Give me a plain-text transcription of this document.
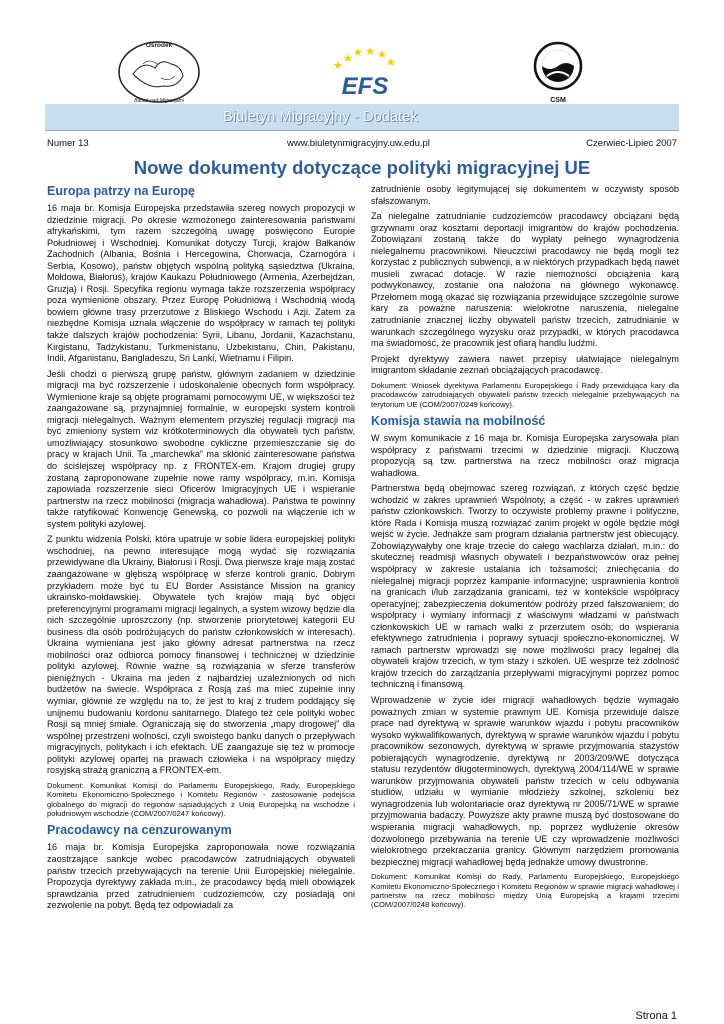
Ośrodek
Badań nad Migracjami
EFS
CSM
Biuletyn Migracyjny - Dodatek
Numer 13	www.biuletynmigracyjny.uw.edu.pl	Czerwiec-Lipiec 2007
Nowe dokumenty dotyczące polityki migracyjnej UE
Europa patrzy na Europę

16 maja br. Komisja Europejska przedstawiła szereg nowych propozycji w dziedzinie migracji. Po okresie wzmożonego zainteresowania państwami afrykańskimi, tym razem szczególną uwagę poświęcono Europie Południowej i Wschodniej. Komunikat dotyczy Turcji, krajów Bałkanów Zachodnich (Albania, Bośnia i Hercegowina, Chorwacja, Czarnogóra i Serbia, Kosowo), państw objętych wspólną polityką sąsiedztwa (Ukraina, Mołdowa, Białoruś), krajów Kaukazu Południowego (Armenia, Azerbejdżan, Gruzja) i Rosji. Specyfika regionu wymaga także rozszerzenia współpracy poza wymienione obszary. Przez Europę Południową i Wschodnią wiodą bowiem główne trasy przerzutowe z Bliskiego Wschodu i Azji. Zatem za niezbędne Komisja uznała włączenie do współpracy w ramach tej polityki także dalszych krajów pochodzenia: Syrii, Libanu, Jordanii, Kazachstanu, Kirgistanu, Tadżykistanu, Turkmenistanu, Uzbekistanu, Chin, Pakistanu, Indii, Afganistanu, Bangladeszu, Sri Lanki, Wietnamu i Filipin.

Jeśli chodzi o pierwszą grupę państw, głównym zadaniem w dziedzinie migracji ma być rozszerzenie i udoskonalenie obecnych form współpracy. Wymienione kraje są objęte programami pomocowymi UE, w większości też zaangażowane są, przynajmniej formalnie, w europejski system kontroli migracji nielegalnych. Ważnym elementem przyszłej regulacji migracji ma być zmieniony system wiz krótkoterminowych dla obywateli tych państw, umożliwiający stosunkowo swobodne cykliczne przemieszczanie się do pracy w krajach Unii. Ta „marchewka” ma skłonić zainteresowane państwa do ściślejszej współpracy np. z FRONTEX-em. Krajom drugiej grupy zostaną zaproponowane zupełnie nowe ramy współpracy, m.in. Komisja zapowiada rozszerzenie sieci Oficerów Imigracyjnych UE i wspieranie partnerstw na rzecz mobilności (migracja wahadłowa). Państwa te powinny także ratyfikować Konwencję Genewską, co pozwoli na włączenie ich w system polityki azylowej.

Z punktu widzenia Polski, która upatruje w sobie lidera europejskiej polityki wschodniej, na pewno interesujące mogą wydać się rozwiązania przewidywane dla Ukrainy, Białorusi i Rosji. Dwa pierwsze kraje mają zostać zaangażowane w głębszą współpracę w sferze kontroli granic. Dobrym przykładem może być tu EU Border Assistance Mission na granicy ukraińsko-mołdawskiej. Obywatele tych krajów mają być objęci preferencyjnymi programami migracji legalnych, a system wizowy będzie dla nich szczególnie uproszczony (np. stworzenie priorytetowej kategorii EU business dla osób podróżujących do państw członkowskich w interesach). Ukraina wymieniana jest jako główny adresat partnerstwa na rzecz mobilności oraz odbiorca pomocy finansowej i technicznej w dziedzinie polityki azylowej. Równie ważne są rozwiązania w sferze transferów pieniężnych - Ukraina ma jeden z najbardziej uzależnionych od nich budżetów na świecie. Współpraca z Rosją zaś ma mieć zupełnie inny wymiar, głównie ze względu na to, że jest to kraj z trudem poddający się unijnemu budowaniu kordonu sanitarnego. Dlatego też cele polityki wobec Rosji są mniej śmiałe. Ograniczają się do stworzenia „mapy drogowej” dla wspólnej przestrzeni wolności, czyli swoistego banku danych o przepływach migracyjnych, politykach i ich efektach. UE zaangażuje się też w promocje polityki azylowej opartej na prawach człowieka i na współpracy między rosyjską strażą graniczną a FRONTEX-em.

Dokument: Komunikat Komisji do Parlamentu Europejskiego, Rady, Europejskiego Komitetu Ekonomiczno-Społecznego i Komitetu Regionów - zastosowanie podejścia globalnego do migracji do regionów sąsiadujących z Unią Europejską na wschodzie i południowym wschodzie (COM/2007/0247 końcowy).

Pracodawcy na cenzurowanym

16 maja br. Komisja Europejska zaproponowała nowe rozwiązania zaostrzające sankcje wobec pracodawców zatrudniających obywateli państw trzecich przebywających na terenie Unii Europejskiej nielegalnie. Propozycja dyrektywy zakłada m.in., że pracodawcy będą mieli obowiązek sprawdzania przed zatrudnieniem cudzoziemców, czy posiadają oni zezwolenie na pobyt. Będą też odpowiadali za

zatrudnienie osoby legitymującej się dokumentem w oczywisty sposób sfałszowanym.

Za nielegalne zatrudnianie cudzoziemców pracodawcy obciążani będą grzywnami oraz kosztami deportacji imigrantów do krajów pochodzenia. Zobowiązani zostaną także do wypłaty pełnego wynagrodzenia nielegalnemu pracownikowi. Nieuczciwi pracodawcy nie będą mogli też korzystać z publicznych subwencji, a w niektórych przypadkach będą nawet musieli zwracać dotacje. W razie niemożności obciążenia karą podwykonawcy, zostanie ona nałożona na głównego wykonawcę. Przełomem mogą okazać się rozwiązania przewidujące szczególnie surowe kary za poważne naruszenia: wielokrotne naruszenia, nielegalne zatrudnianie znacznej liczby obywateli państw trzecich, zatrudnianie w warunkach szczególnego wyzysku oraz przypadki, w których pracodawca ma świadomość, że pracownik jest ofiarą handlu ludźmi.

Projekt dyrektywy zawiera nawet przepisy ułatwiające nielegalnym imigrantom składanie zeznań obciążających pracodawcę.

Dokument: Wniosek dyrektywa Parlamentu Europejskiego i Rady przewidująca kary dla pracodawców zatrudniających obywateli państw trzecich nielegalnie przebywających na terytorium UE (COM/2007/0249 końcowy).

Komisja stawia na mobilność

W swym komunikacie z 16 maja br. Komisja Europejska zarysowała plan współpracy z państwami trzecimi w dziedzinie migracji. Kluczową propozycją są tzw. partnerstwa na rzecz mobilności oraz migracja wahadłowa.

Partnerstwa będą obejmować szereg rozwiązań, z których część będzie wchodzić w zakres uprawnień Wspólnoty, a część - w zakres uprawnień państw członkowskich. Tworzy to oczywiste problemy prawne i polityczne, które Rada i Komisja muszą rozwiązać zanim projekt w ogóle będzie mógł wejść w życie. Jednakże sam program działania partnerstw jest obiecujący. Zobowiązywałyby one kraje trzecie do całego wachlarza działań, m.in.: do skutecznej readmisji własnych obywateli i bezpaństwowców oraz pełnej współpracy w zakresie ustalania ich tożsamości; zniechęcania do nielegalnej migracji poprzez kampanie informacyjne; usprawnienia kontroli na granicach i/lub zarządzania granicami, też w kontekście współpracy operacyjnej; zabezpieczenia dokumentów podróży przed fałszowaniem; do współpracy i wymiany informacji z właściwymi władzami w państwach członkowskich UE w ramach walki z przerzutem osób; do wspierania efektywnego zatrudnienia i poprawy sytuacji społeczno-ekonomicznej. W ramach partnerstw wprowadzi się nowe możliwości pracy legalnej dla obywateli krajów trzecich, w tym staży i szkoleń. UE wesprze też zdolność krajów trzecich do zarządzania przepływami migracyjnymi poprzez pomoc techniczną i finansową.

Wprowadzenie w życie idei migracji wahadłowych będzie wymagało poważnych zmian w systemie prawnym UE. Komisja przewiduje dalsze prace nad dyrektywą w sprawie warunków wjazdu i pobytu pracowników wysoko wykwalifikowanych, dyrektywą w sprawie warunków wjazdu i pobytu pracowników sezonowych, dyrektywą w sprawie przyjmowania stażystów pobierających wynagrodzenie, dyrektywą nr 2003/209/WE dotycząca statusu rezydentów długoterminowych, dyrektywą 2004/114/WE w sprawie warunków przyjmowania obywateli państw trzecich w celu odbywania studiów, udziału w wymianie młodzieży szkolnej, szkoleniu bez wynagrodzenia lub wolontariacie oraz dyrektywą nr 2005/71/WE w sprawie przyjmowania badaczy. Powyższe akty prawne muszą być dostosowane do wspierania migracji wahadłowych, np. poprzez wydłużenie okresów dozwolonego przebywania na terenie UE czy wprowadzenie możliwości wielokrotnego przekraczania granicy. Głównym narzędziem promowania bezpiecznej migracji wahadłowej będą jednakże umowy dwustronne.

Dokument: Komunikat Komisji do Rady, Parlamentu Europejskiego, Europejskiego Komitetu Ekonomiczno-Społecznego i Komitetu Regionów w sprawie migracji wahadłowej i partnerstw na rzecz mobilności między Unią Europejską a krajami trzecimi (COM/2007/0248 końcowy).

Strona 1
